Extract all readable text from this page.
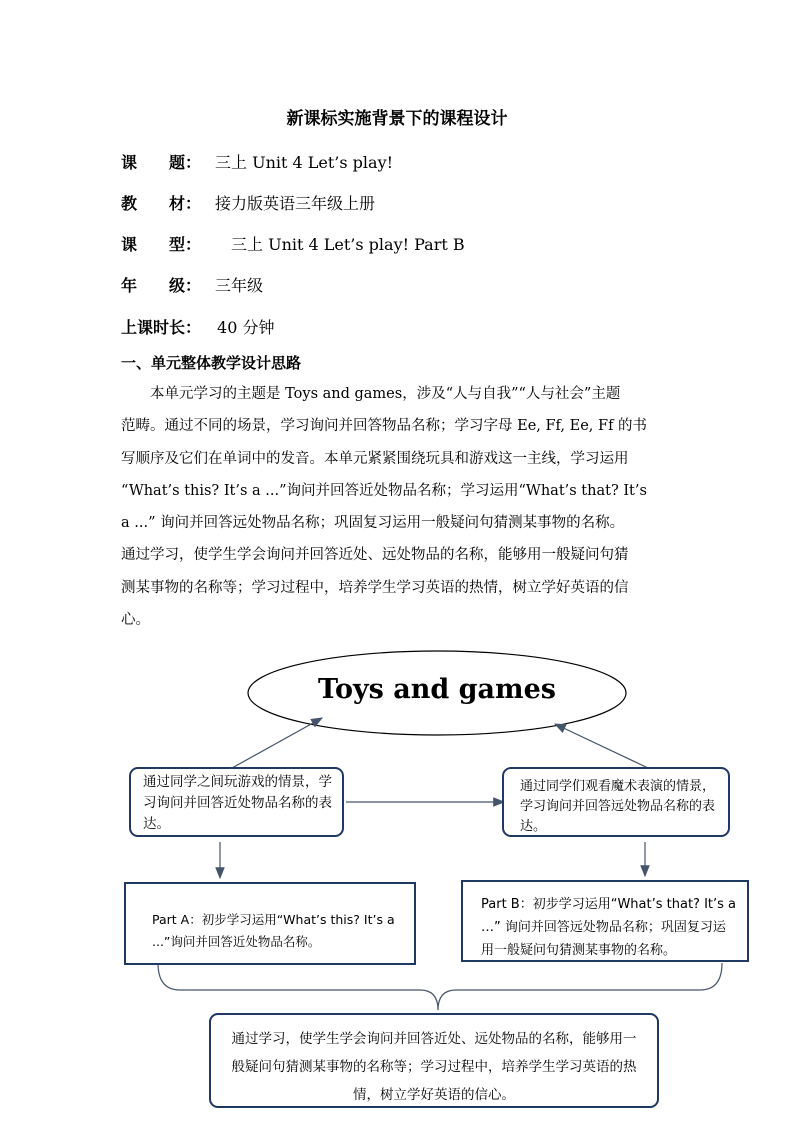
新课标实施背景下的课程设计
课　　题： 三上 Unit 4 Let’s play!
教　　材： 接力版英语三年级上册
课　　型：　三上 Unit 4 Let’s play! Part B
年　　级： 三年级
上课时长：　40 分钟
一、单元整体教学设计思路
本单元学习的主题是 Toys and games，涉及“人与自我”“人与社会”主题
范畴。通过不同的场景，学习询问并回答物品名称；学习字母 Ee, Ff, Ee, Ff 的书
写顺序及它们在单词中的发音。本单元紧紧围绕玩具和游戏这一主线，学习运用
“What’s this? It’s a ...”询问并回答近处物品名称；学习运用“What’s that? It’s
a ...” 询问并回答远处物品名称；巩固复习运用一般疑问句猜测某事物的名称。
通过学习，使学生学会询问并回答近处、远处物品的名称，能够用一般疑问句猜
测某事物的名称等；学习过程中，培养学生学习英语的热情，树立学好英语的信
心。
Toys and games
通过同学之间玩游戏的情景，学习询问并回答近处物品名称的表达。
通过同学们观看魔术表演的情景，学习询问并回答远处物品名称的表达。
Part A：初步学习运用“What’s this? It’s a ...”询问并回答近处物品名称。
Part B：初步学习运用“What’s that? It’s a …” 询问并回答远处物品名称；巩固复习运用一般疑问句猜测某事物的名称。
通过学习，使学生学会询问并回答近处、远处物品的名称，能够用一
般疑问句猜测某事物的名称等；学习过程中，培养学生学习英语的热
情，树立学好英语的信心。
